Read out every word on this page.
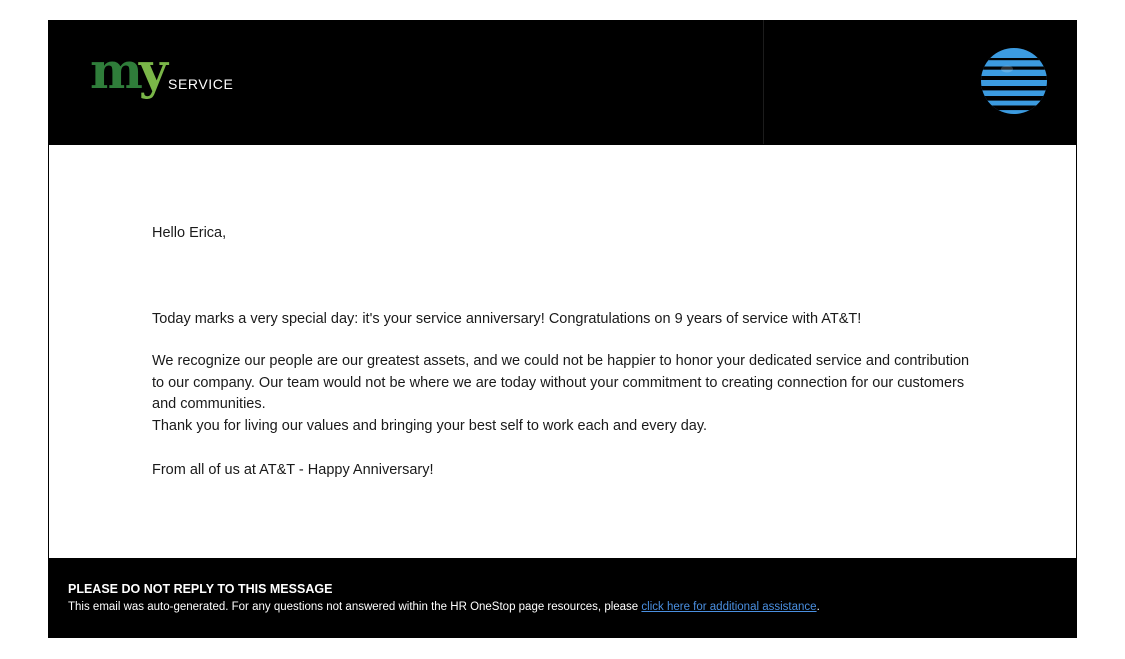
my SERVICE
Hello Erica,
Today marks a very special day: it's your service anniversary! Congratulations on 9 years of service with AT&T!
We recognize our people are our greatest assets, and we could not be happier to honor your dedicated service and contribution to our company. Our team would not be where we are today without your commitment to creating connection for our customers and communities.
Thank you for living our values and bringing your best self to work each and every day.
From all of us at AT&T - Happy Anniversary!
PLEASE DO NOT REPLY TO THIS MESSAGE
This email was auto-generated. For any questions not answered within the HR OneStop page resources, please click here for additional assistance.
